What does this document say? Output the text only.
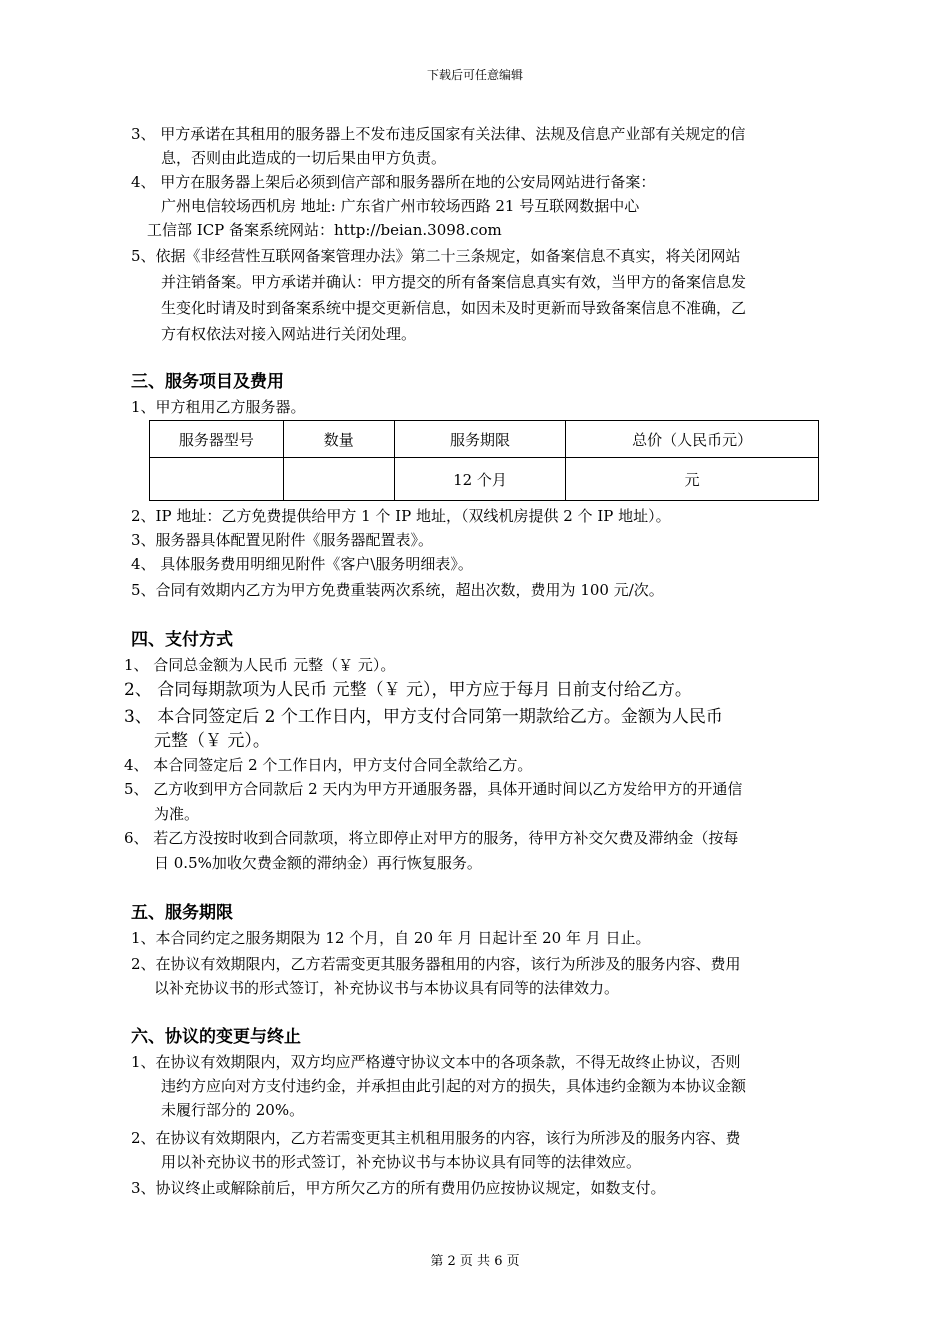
下载后可任意编辑
3、 甲方承诺在其租用的服务器上不发布违反国家有关法律、法规及信息产业部有关规定的信
息，否则由此造成的一切后果由甲方负责。
4、 甲方在服务器上架后必须到信产部和服务器所在地的公安局网站进行备案：
广州电信较场西机房 地址: 广东省广州市较场西路 21 号互联网数据中心
工信部 ICP 备案系统网站：http://beian.3098.com
5、依据《非经营性互联网备案管理办法》第二十三条规定，如备案信息不真实，将关闭网站
并注销备案。甲方承诺并确认：甲方提交的所有备案信息真实有效，当甲方的备案信息发
生变化时请及时到备案系统中提交更新信息，如因未及时更新而导致备案信息不准确，乙
方有权依法对接入网站进行关闭处理。
三、服务项目及费用
1、甲方租用乙方服务器。
服务器型号	数量	服务期限	总价（人民币元）
		12 个月	元
2、IP 地址：乙方免费提供给甲方 1 个 IP 地址，（双线机房提供 2 个 IP 地址）。
3、服务器具体配置见附件《服务器配置表》。
4、 具体服务费用明细见附件《客户\服务明细表》。
5、合同有效期内乙方为甲方免费重装两次系统，超出次数，费用为 100 元/次。
四、支付方式
1、 合同总金额为人民币 元整（￥ 元）。
2、 合同每期款项为人民币 元整（￥ 元），甲方应于每月 日前支付给乙方。
3、 本合同签定后 2 个工作日内，甲方支付合同第一期款给乙方。金额为人民币
元整（￥ 元）。
4、 本合同签定后 2 个工作日内，甲方支付合同全款给乙方。
5、 乙方收到甲方合同款后 2 天内为甲方开通服务器，具体开通时间以乙方发给甲方的开通信
为准。
6、 若乙方没按时收到合同款项，将立即停止对甲方的服务，待甲方补交欠费及滞纳金（按每
日 0.5%加收欠费金额的滞纳金）再行恢复服务。
五、服务期限
1、本合同约定之服务期限为 12 个月，自 20 年 月 日起计至 20 年 月 日止。
2、在协议有效期限内，乙方若需变更其服务器租用的内容，该行为所涉及的服务内容、费用
以补充协议书的形式签订，补充协议书与本协议具有同等的法律效力。
六、协议的变更与终止
1、在协议有效期限内，双方均应严格遵守协议文本中的各项条款，不得无故终止协议，否则
违约方应向对方支付违约金，并承担由此引起的对方的损失，具体违约金额为本协议金额
未履行部分的 20%。
2、在协议有效期限内，乙方若需变更其主机租用服务的内容，该行为所涉及的服务内容、费
用以补充协议书的形式签订，补充协议书与本协议具有同等的法律效应。
3、协议终止或解除前后，甲方所欠乙方的所有费用仍应按协议规定，如数支付。
第 2 页 共 6 页
